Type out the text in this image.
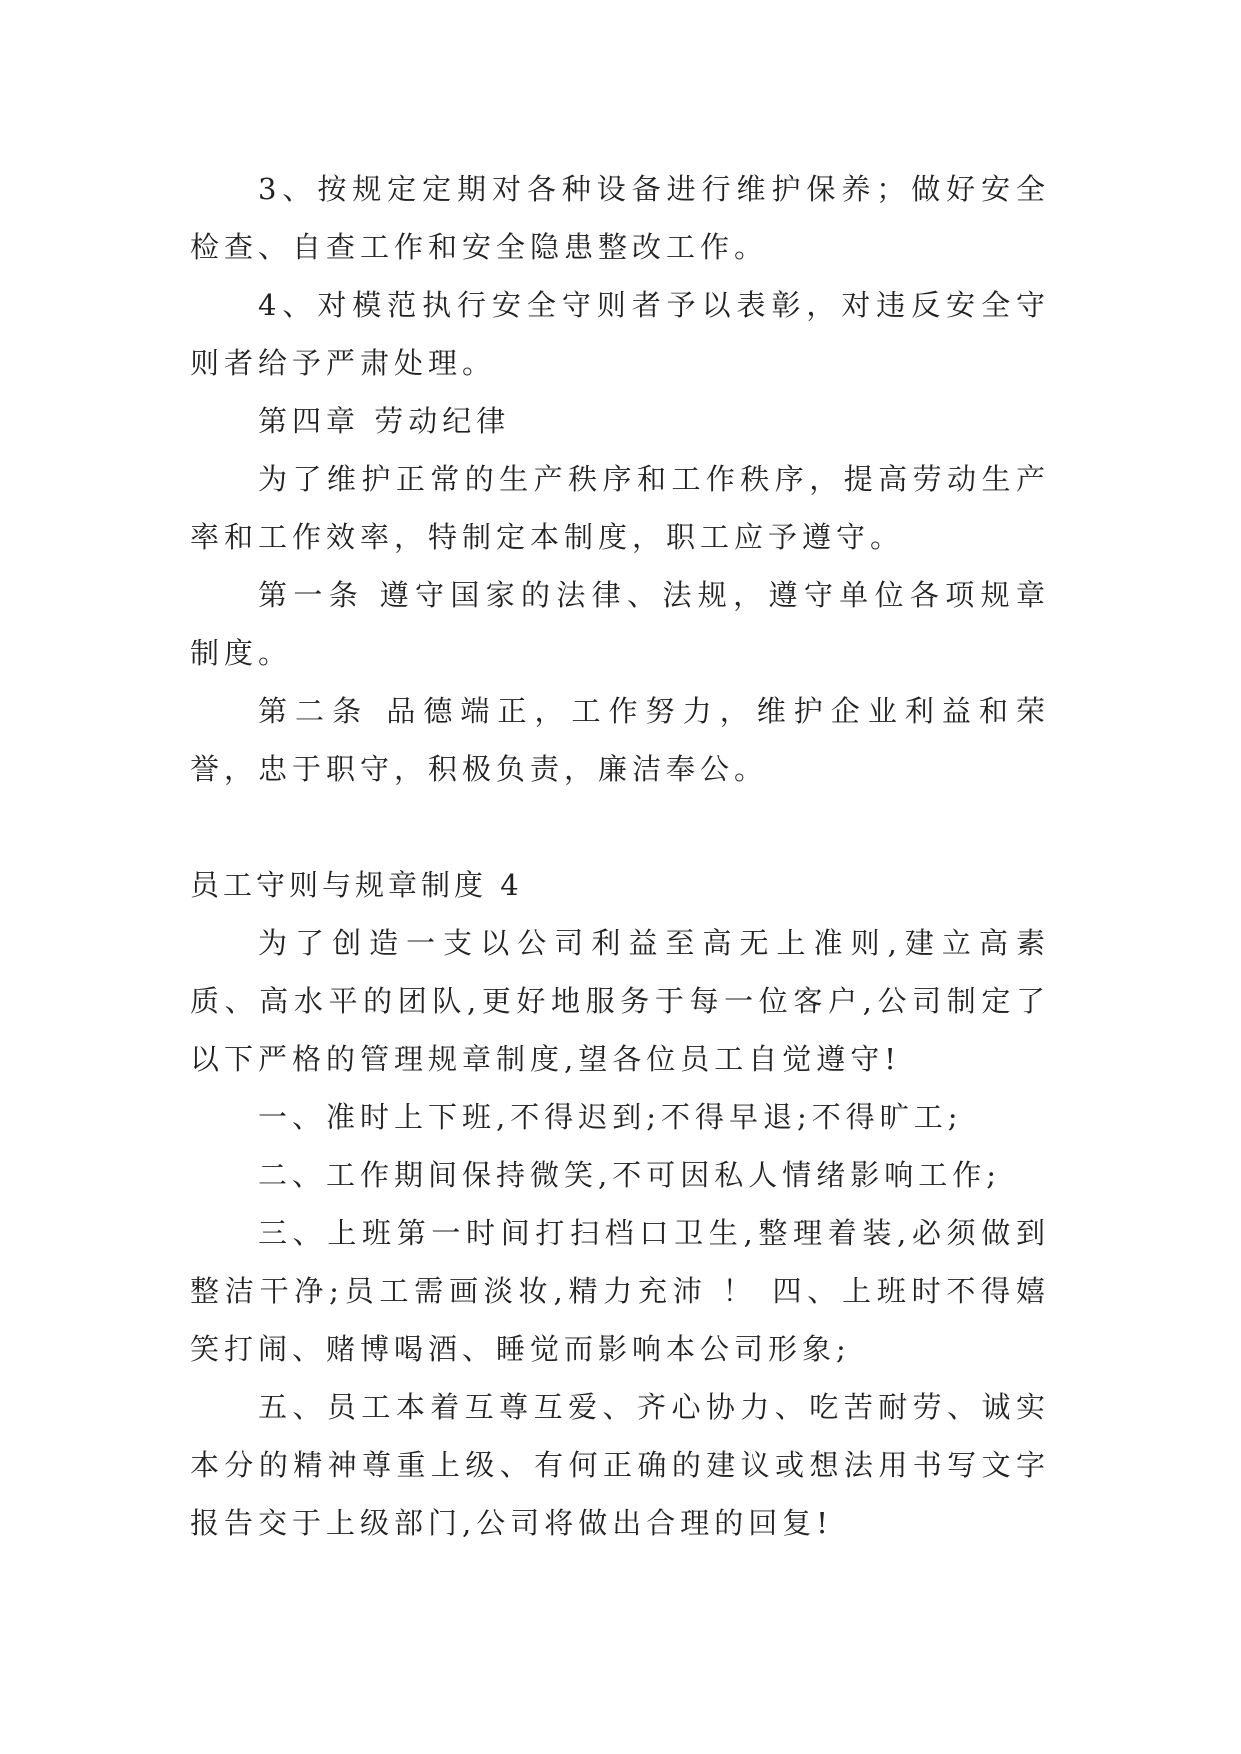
3、按规定定期对各种设备进行维护保养；做好安全检查、自查工作和安全隐患整改工作。

4、对模范执行安全守则者予以表彰，对违反安全守则者给予严肃处理。

第四章 劳动纪律

为了维护正常的生产秩序和工作秩序，提高劳动生产率和工作效率，特制定本制度，职工应予遵守。

第一条 遵守国家的法律、法规，遵守单位各项规章制度。

第二条 品德端正，工作努力，维护企业利益和荣誉，忠于职守，积极负责，廉洁奉公。

员工守则与规章制度 4

为了创造一支以公司利益至高无上准则,建立高素质、高水平的团队,更好地服务于每一位客户,公司制定了以下严格的管理规章制度,望各位员工自觉遵守!

一、准时上下班,不得迟到;不得早退;不得旷工;

二、工作期间保持微笑,不可因私人情绪影响工作;

三、上班第一时间打扫档口卫生,整理着装,必须做到整洁干净;员工需画淡妆,精力充沛 ！ 四、上班时不得嬉笑打闹、赌博喝酒、睡觉而影响本公司形象;

五、员工本着互尊互爱、齐心协力、吃苦耐劳、诚实本分的精神尊重上级、有何正确的建议或想法用书写文字报告交于上级部门,公司将做出合理的回复!
